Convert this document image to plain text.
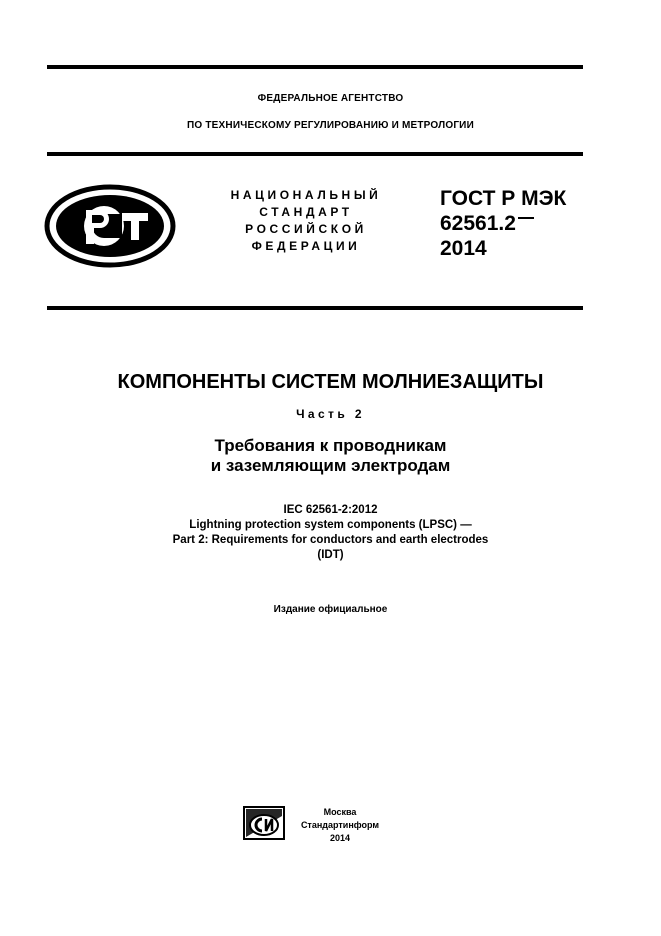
ФЕДЕРАЛЬНОЕ АГЕНТСТВО
ПО ТЕХНИЧЕСКОМУ РЕГУЛИРОВАНИЮ И МЕТРОЛОГИИ
НАЦИОНАЛЬНЫЙ
СТАНДАРТ
РОССИЙСКОЙ
ФЕДЕРАЦИИ
ГОСТ Р МЭК
62561.2
2014
КОМПОНЕНТЫ СИСТЕМ МОЛНИЕЗАЩИТЫ
Часть 2
Требования к проводникам
и заземляющим электродам
IEC 62561-2:2012
Lightning protection system components (LPSC) —
Part 2: Requirements for conductors and earth electrodes
(IDT)
Издание официальное
Москва
Стандартинформ
2014
